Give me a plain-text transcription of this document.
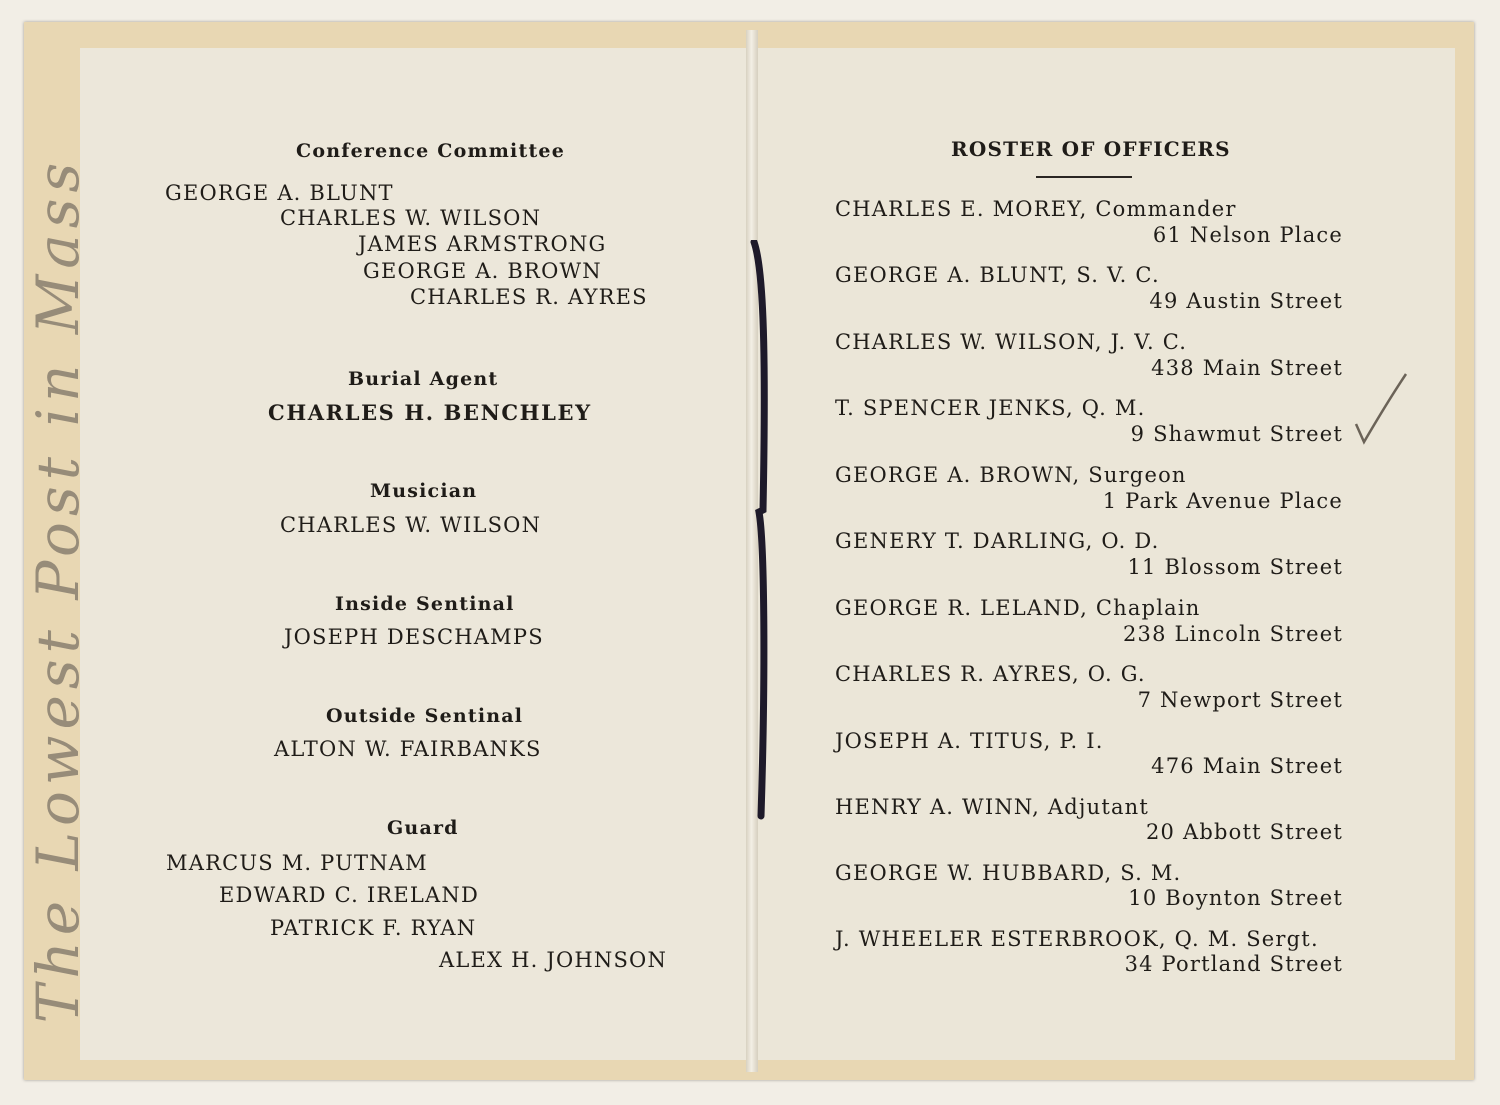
The Lowest Post in Mass
Conference Committee
GEORGE A. BLUNT
CHARLES W. WILSON
JAMES ARMSTRONG
GEORGE A. BROWN
CHARLES R. AYRES
Burial Agent
CHARLES H. BENCHLEY
Musician
CHARLES W. WILSON
Inside Sentinal
JOSEPH DESCHAMPS
Outside Sentinal
ALTON W. FAIRBANKS
Guard
MARCUS M. PUTNAM
EDWARD C. IRELAND
PATRICK F. RYAN
ALEX H. JOHNSON
ROSTER OF OFFICERS
CHARLES E. MOREY, Commander
61 Nelson Place
GEORGE A. BLUNT, S. V. C.
49 Austin Street
CHARLES W. WILSON, J. V. C.
438 Main Street
T. SPENCER JENKS, Q. M.
9 Shawmut Street
GEORGE A. BROWN, Surgeon
1 Park Avenue Place
GENERY T. DARLING, O. D.
11 Blossom Street
GEORGE R. LELAND, Chaplain
238 Lincoln Street
CHARLES R. AYRES, O. G.
7 Newport Street
JOSEPH A. TITUS, P. I.
476 Main Street
HENRY A. WINN, Adjutant
20 Abbott Street
GEORGE W. HUBBARD, S. M.
10 Boynton Street
J. WHEELER ESTERBROOK, Q. M. Sergt.
34 Portland Street
